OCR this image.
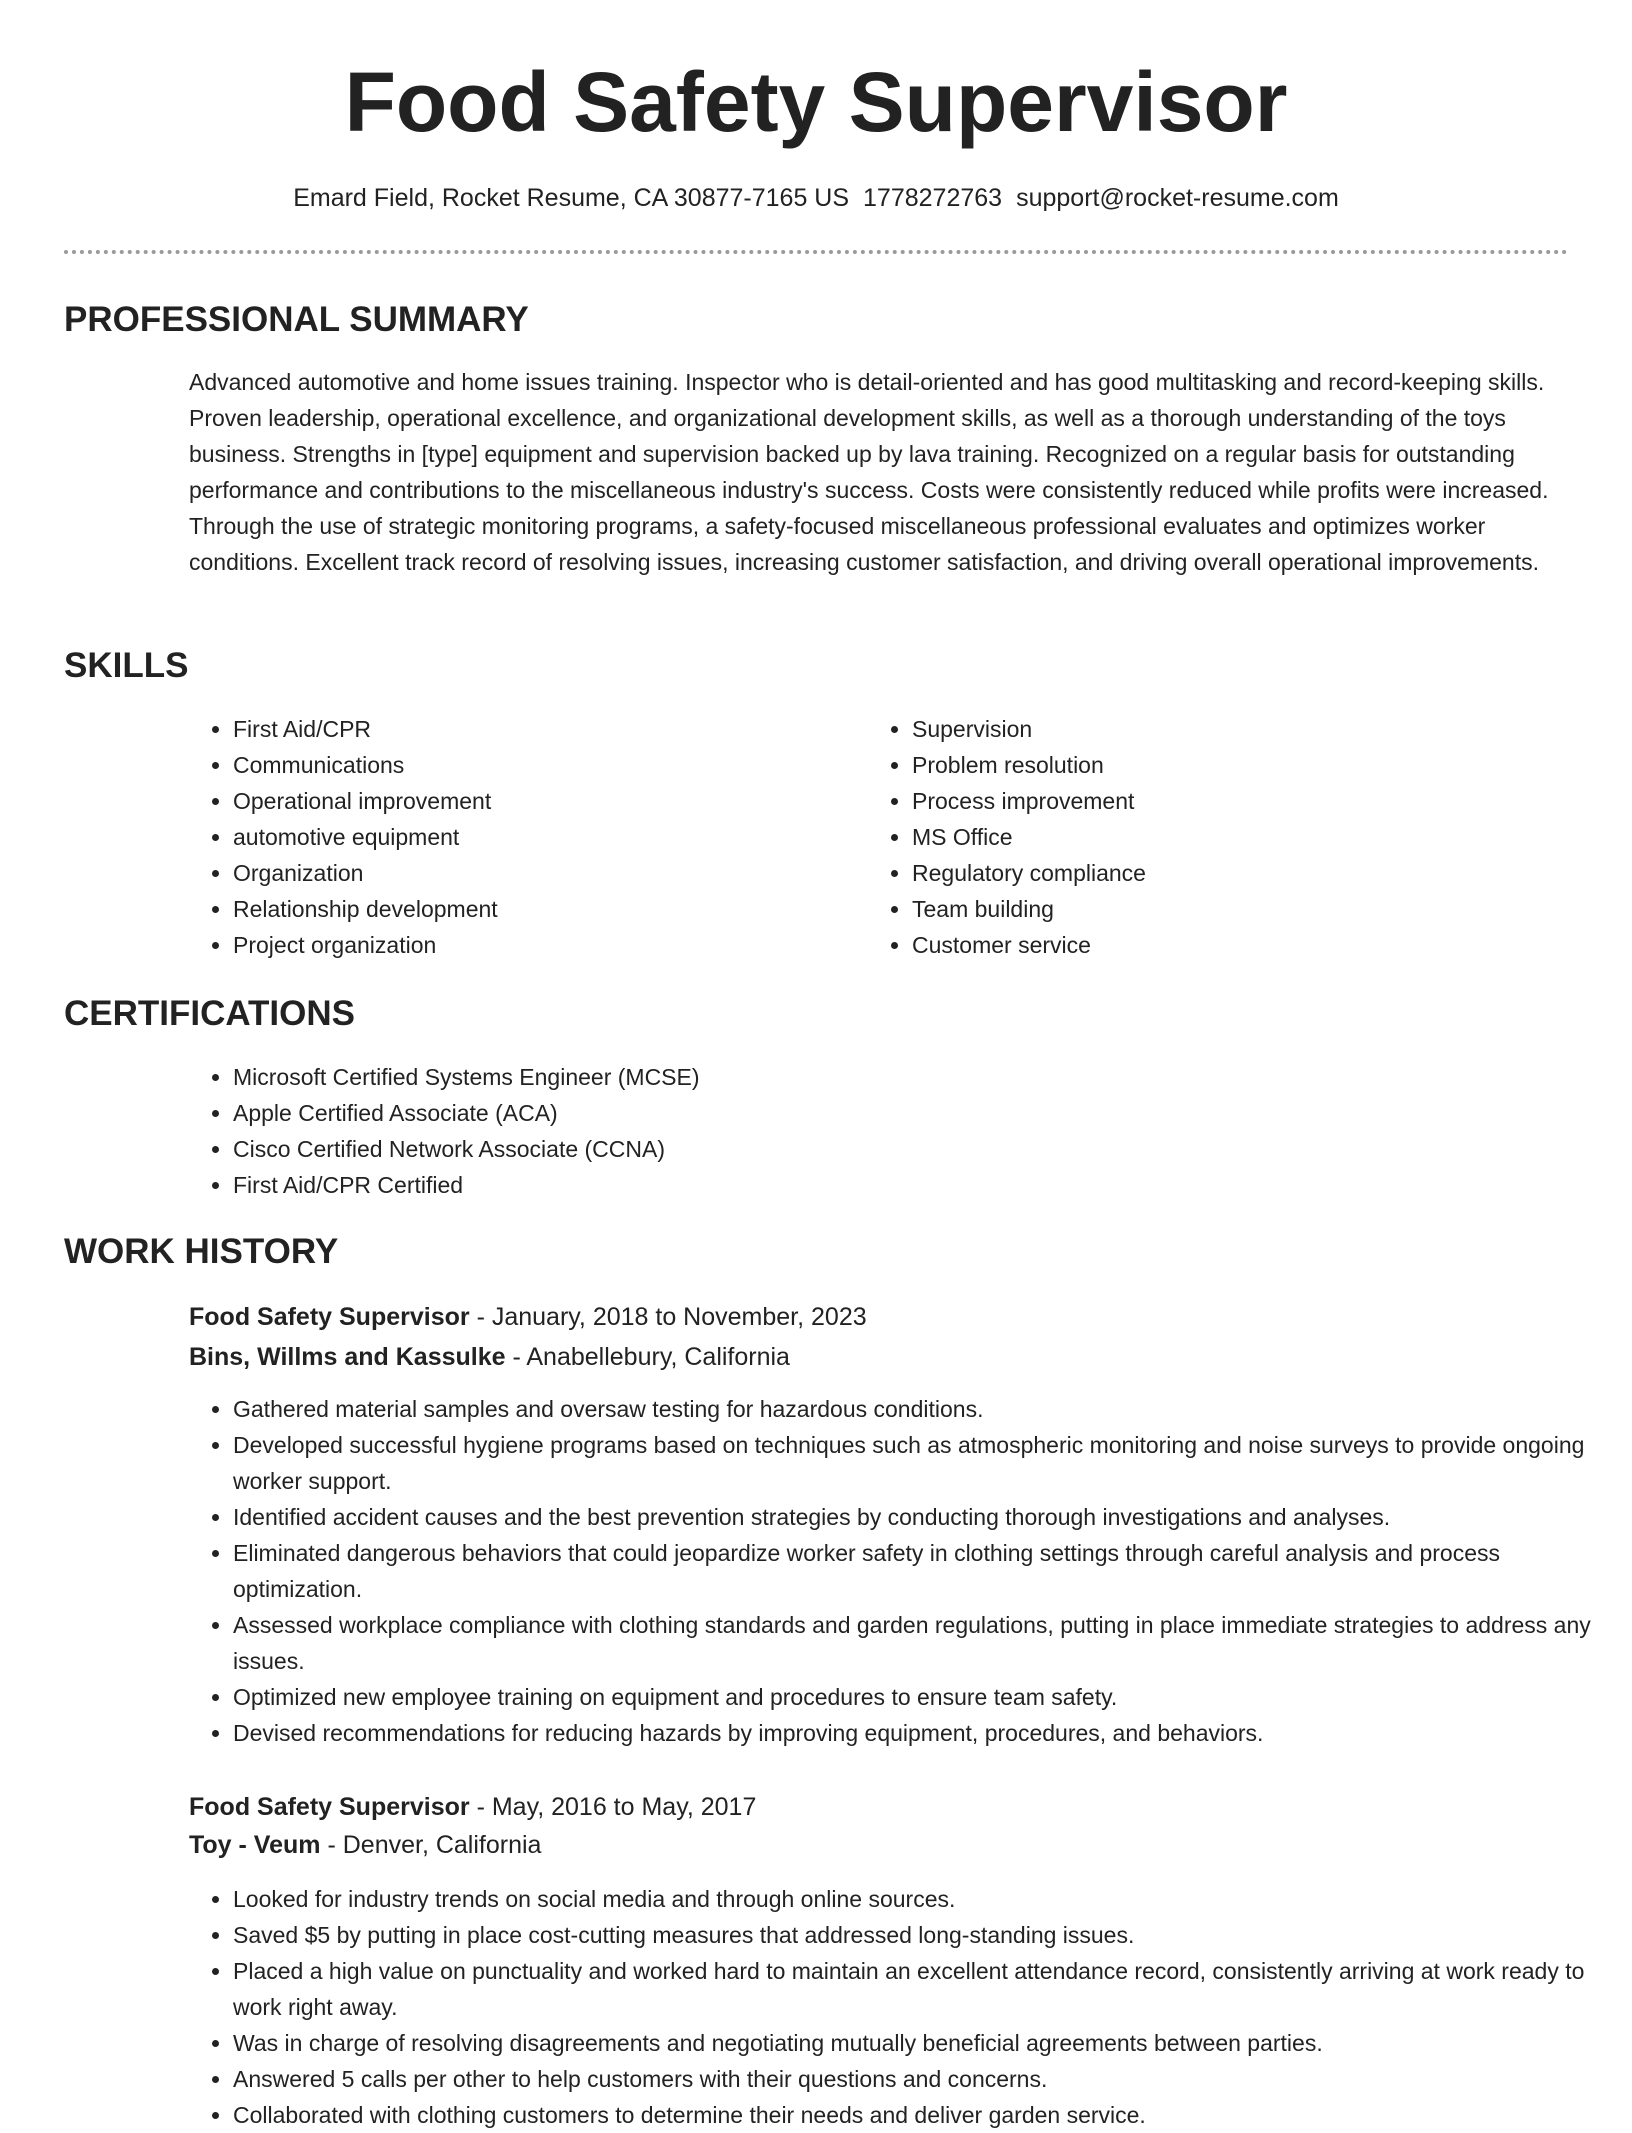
Food Safety Supervisor
Emard Field, Rocket Resume, CA 30877-7165 US 1778272763 support@rocket-resume.com
PROFESSIONAL SUMMARY

Advanced automotive and home issues training. Inspector who is detail-oriented and has good multitasking and record-keeping skills. Proven leadership, operational excellence, and organizational development skills, as well as a thorough understanding of the toys business. Strengths in [type] equipment and supervision backed up by lava training. Recognized on a regular basis for outstanding performance and contributions to the miscellaneous industry's success. Costs were consistently reduced while profits were increased. Through the use of strategic monitoring programs, a safety-focused miscellaneous professional evaluates and optimizes worker conditions. Excellent track record of resolving issues, increasing customer satisfaction, and driving overall operational improvements.

SKILLS
• First Aid/CPR
• Communications
• Operational improvement
• automotive equipment
• Organization
• Relationship development
• Project organization
• Supervision
• Problem resolution
• Process improvement
• MS Office
• Regulatory compliance
• Team building
• Customer service
CERTIFICATIONS
• Microsoft Certified Systems Engineer (MCSE)
• Apple Certified Associate (ACA)
• Cisco Certified Network Associate (CCNA)
• First Aid/CPR Certified
WORK HISTORY
Food Safety Supervisor - January, 2018 to November, 2023
Bins, Willms and Kassulke - Anabellebury, California
• Gathered material samples and oversaw testing for hazardous conditions.
• Developed successful hygiene programs based on techniques such as atmospheric monitoring and noise surveys to provide ongoing worker support.
• Identified accident causes and the best prevention strategies by conducting thorough investigations and analyses.
• Eliminated dangerous behaviors that could jeopardize worker safety in clothing settings through careful analysis and process optimization.
• Assessed workplace compliance with clothing standards and garden regulations, putting in place immediate strategies to address any issues.
• Optimized new employee training on equipment and procedures to ensure team safety.
• Devised recommendations for reducing hazards by improving equipment, procedures, and behaviors.
Food Safety Supervisor - May, 2016 to May, 2017
Toy - Veum - Denver, California
• Looked for industry trends on social media and through online sources.
• Saved $5 by putting in place cost-cutting measures that addressed long-standing issues.
• Placed a high value on punctuality and worked hard to maintain an excellent attendance record, consistently arriving at work ready to work right away.
• Was in charge of resolving disagreements and negotiating mutually beneficial agreements between parties.
• Answered 5 calls per other to help customers with their questions and concerns.
• Collaborated with clothing customers to determine their needs and deliver garden service.
